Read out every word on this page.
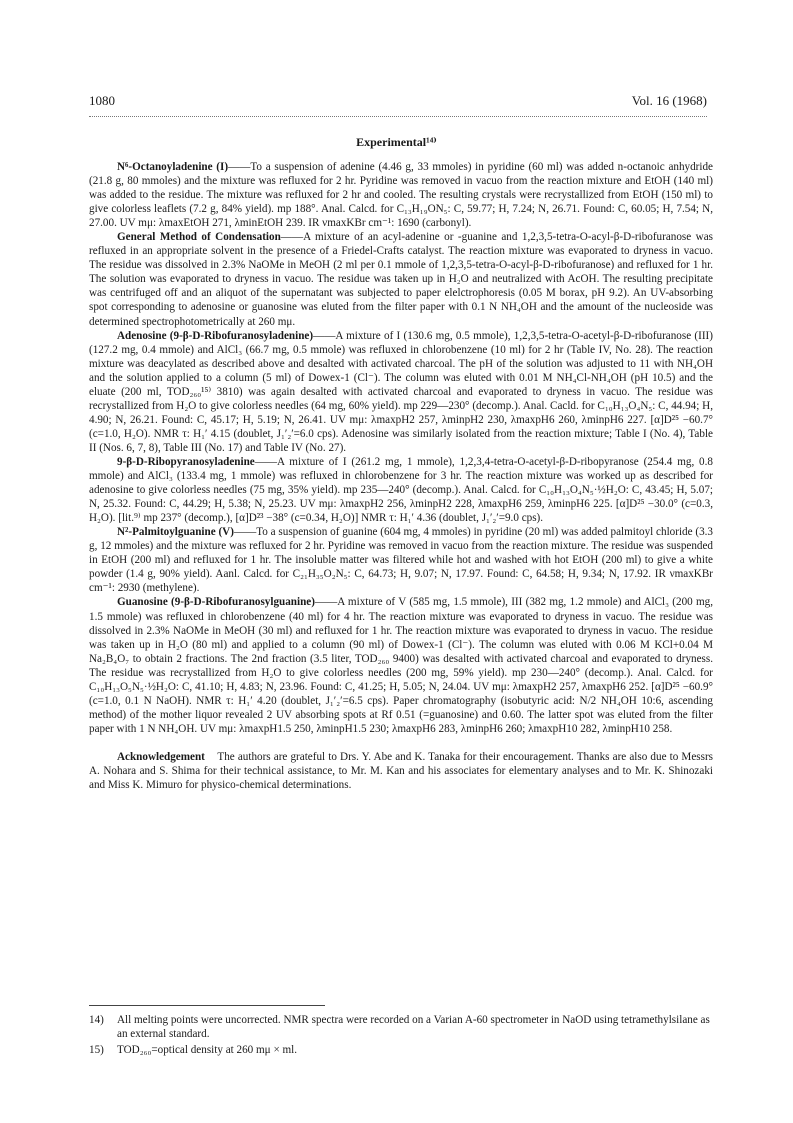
1080	Vol. 16 (1968)
Experimental¹⁴⁾

N⁶-Octanoyladenine (I)——To a suspension of adenine (4.46 g, 33 mmoles) in pyridine (60 ml) was added n-octanoic anhydride (21.8 g, 80 mmoles) and the mixture was refluxed for 2 hr. Pyridine was removed in vacuo from the reaction mixture and EtOH (140 ml) was added to the residue. The mixture was refluxed for 2 hr and cooled. The resulting crystals were recrystallized from EtOH (150 ml) to give colorless leaflets (7.2 g, 84% yield). mp 188°. Anal. Calcd. for C₁₃H₁₉ON₅: C, 59.77; H, 7.24; N, 26.71. Found: C, 60.05; H, 7.54; N, 27.00. UV mμ: λmaxEtOH 271, λminEtOH 239. IR νmaxKBr cm⁻¹: 1690 (carbonyl).

General Method of Condensation——A mixture of an acyl-adenine or -guanine and 1,2,3,5-tetra-O-acyl-β-D-ribofuranose was refluxed in an appropriate solvent in the presence of a Friedel-Crafts catalyst. The reaction mixture was evaporated to dryness in vacuo. The residue was dissolved in 2.3% NaOMe in MeOH (2 ml per 0.1 mmole of 1,2,3,5-tetra-O-acyl-β-D-ribofuranose) and refluxed for 1 hr. The solution was evaporated to dryness in vacuo. The residue was taken up in H₂O and neutralized with AcOH. The resulting precipitate was centrifuged off and an aliquot of the supernatant was subjected to paper elelctrophoresis (0.05 M borax, pH 9.2). An UV-absorbing spot corresponding to adenosine or guanosine was eluted from the filter paper with 0.1 N NH₄OH and the amount of the nucleoside was determined spectrophotometrically at 260 mμ.

Adenosine (9-β-D-Ribofuranosyladenine)——A mixture of I (130.6 mg, 0.5 mmole), 1,2,3,5-tetra-O-acetyl-β-D-ribofuranose (III) (127.2 mg, 0.4 mmole) and AlCl₃ (66.7 mg, 0.5 mmole) was refluxed in chlorobenzene (10 ml) for 2 hr (Table IV, No. 28). The reaction mixture was deacylated as described above and desalted with activated charcoal. The pH of the solution was adjusted to 11 with NH₄OH and the solution applied to a column (5 ml) of Dowex-1 (Cl⁻). The column was eluted with 0.01 M NH₄Cl-NH₄OH (pH 10.5) and the eluate (200 ml, TOD₂₆₀¹⁵⁾ 3810) was again desalted with activated charcoal and evaporated to dryness in vacuo. The residue was recrystallized from H₂O to give colorless needles (64 mg, 60% yield). mp 229—230° (decomp.). Anal. Cacld. for C₁₀H₁₃O₄N₅: C, 44.94; H, 4.90; N, 26.21. Found: C, 45.17; H, 5.19; N, 26.41. UV mμ: λmaxpH2 257, λminpH2 230, λmaxpH6 260, λminpH6 227. [α]D²⁵ −60.7° (c=1.0, H₂O). NMR τ: H₁′ 4.15 (doublet, J₁′₂′=6.0 cps). Adenosine was similarly isolated from the reaction mixture; Table I (No. 4), Table II (Nos. 6, 7, 8), Table III (No. 17) and Table IV (No. 27).

9-β-D-Ribopyranosyladenine——A mixture of I (261.2 mg, 1 mmole), 1,2,3,4-tetra-O-acetyl-β-D-ribopyranose (254.4 mg, 0.8 mmole) and AlCl₃ (133.4 mg, 1 mmole) was refluxed in chlorobenzene for 3 hr. The reaction mixture was worked up as described for adenosine to give colorless needles (75 mg, 35% yield). mp 235—240° (decomp.). Anal. Calcd. for C₁₀H₁₃O₄N₅·½H₂O: C, 43.45; H, 5.07; N, 25.32. Found: C, 44.29; H, 5.38; N, 25.23. UV mμ: λmaxpH2 256, λminpH2 228, λmaxpH6 259, λminpH6 225. [α]D²⁵ −30.0° (c=0.3, H₂O). [lit.⁹⁾ mp 237° (decomp.), [α]D²³ −38° (c=0.34, H₂O)] NMR τ: H₁′ 4.36 (doublet, J₁′₂′=9.0 cps).

N²-Palmitoylguanine (V)——To a suspension of guanine (604 mg, 4 mmoles) in pyridine (20 ml) was added palmitoyl chloride (3.3 g, 12 mmoles) and the mixture was refluxed for 2 hr. Pyridine was removed in vacuo from the reaction mixture. The residue was suspended in EtOH (200 ml) and refluxed for 1 hr. The insoluble matter was filtered while hot and washed with hot EtOH (200 ml) to give a white powder (1.4 g, 90% yield). Aanl. Calcd. for C₂₁H₃₅O₂N₅: C, 64.73; H, 9.07; N, 17.97. Found: C, 64.58; H, 9.34; N, 17.92. IR νmaxKBr cm⁻¹: 2930 (methylene).

Guanosine (9-β-D-Ribofuranosylguanine)——A mixture of V (585 mg, 1.5 mmole), III (382 mg, 1.2 mmole) and AlCl₃ (200 mg, 1.5 mmole) was refluxed in chlorobenzene (40 ml) for 4 hr. The reaction mixture was evaporated to dryness in vacuo. The residue was dissolved in 2.3% NaOMe in MeOH (30 ml) and refluxed for 1 hr. The reaction mixture was evaporated to dryness in vacuo. The residue was taken up in H₂O (80 ml) and applied to a column (90 ml) of Dowex-1 (Cl⁻). The column was eluted with 0.06 M KCl+0.04 M Na₂B₄O₇ to obtain 2 fractions. The 2nd fraction (3.5 liter, TOD₂₆₀ 9400) was desalted with activated charcoal and evaporated to dryness. The residue was recrystallized from H₂O to give colorless needles (200 mg, 59% yield). mp 230—240° (decomp.). Anal. Calcd. for C₁₀H₁₃O₅N₅·½H₂O: C, 41.10; H, 4.83; N, 23.96. Found: C, 41.25; H, 5.05; N, 24.04. UV mμ: λmaxpH2 257, λmaxpH6 252. [α]D²⁵ −60.9° (c=1.0, 0.1 N NaOH). NMR τ: H₁′ 4.20 (doublet, J₁′₂′=6.5 cps). Paper chromatography (isobutyric acid: N/2 NH₄OH 10:6, ascending method) of the mother liquor revealed 2 UV absorbing spots at Rf 0.51 (=guanosine) and 0.60. The latter spot was eluted from the filter paper with 1 N NH₄OH. UV mμ: λmaxpH1.5 250, λminpH1.5 230; λmaxpH6 283, λminpH6 260; λmaxpH10 282, λminpH10 258.

Acknowledgement The authors are grateful to Drs. Y. Abe and K. Tanaka for their encouragement. Thanks are also due to Messrs A. Nohara and S. Shima for their technical assistance, to Mr. M. Kan and his associates for elementary analyses and to Mr. K. Shinozaki and Miss K. Mimuro for physico-chemical determinations.

14) All melting points were uncorrected. NMR spectra were recorded on a Varian A-60 spectrometer in NaOD using tetramethylsilane as an external standard.
15) TOD₂₆₀=optical density at 260 mμ × ml.
